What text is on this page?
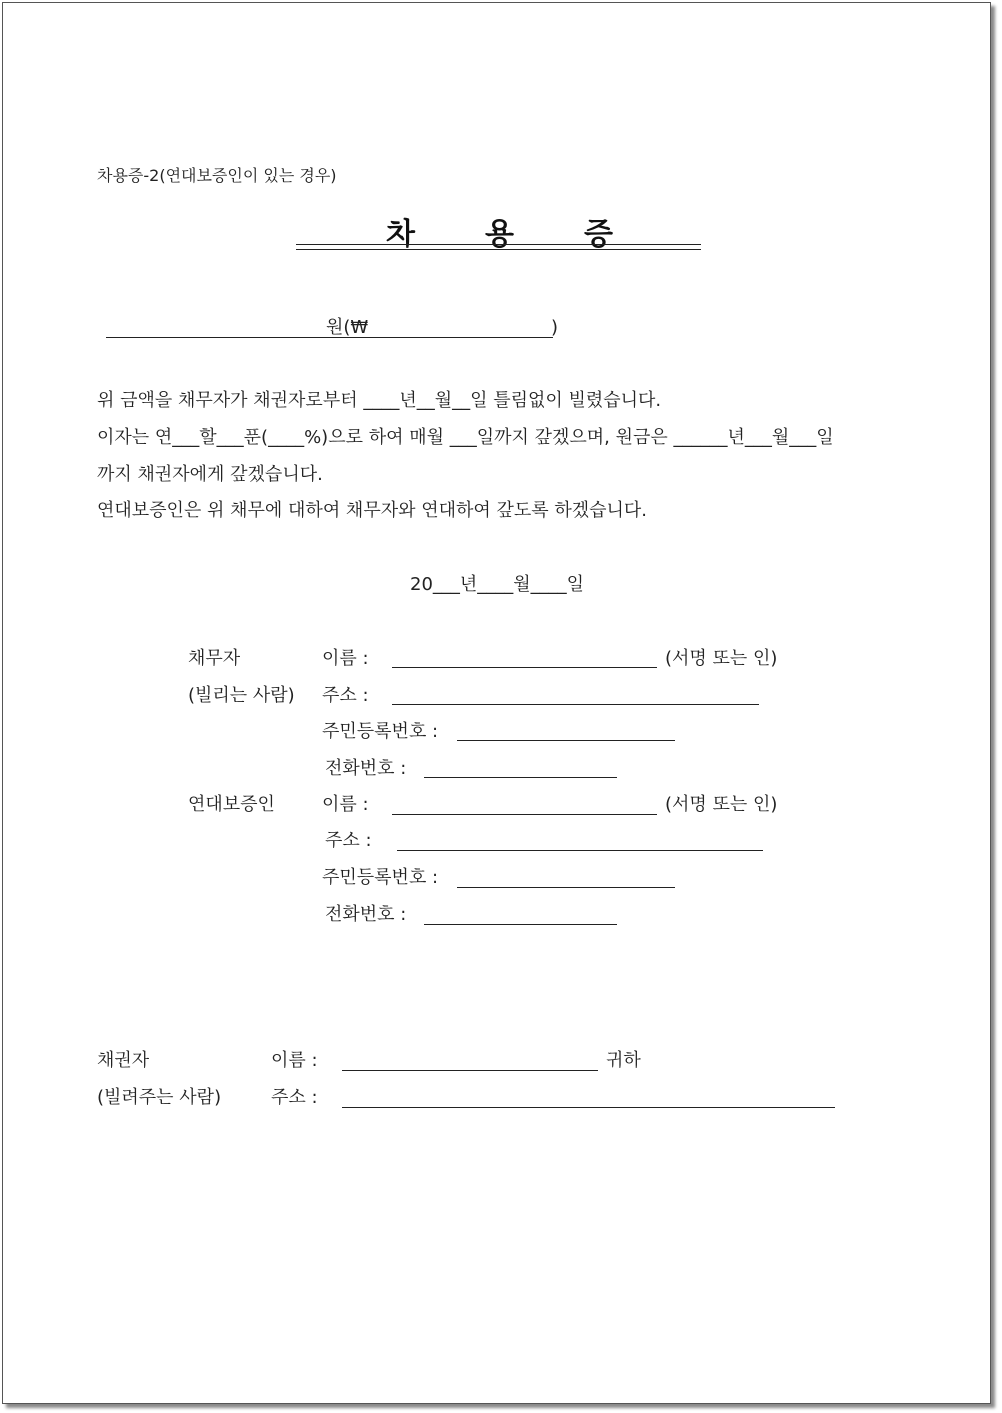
차용증-2(연대보증인이 있는 경우)
차 용 증
원(₩	)
위 금액을 채무자가 채권자로부터 ____년__월__일 틀림없이 빌렸습니다.
이자는 연___할___푼(____%)으로 하여 매월 ___일까지 갚겠으며, 원금은 ______년___월___일
까지 채권자에게 갚겠습니다.
연대보증인은 위 채무에 대하여 채무자와 연대하여 갚도록 하겠습니다.
20___년____월____일
채무자
(빌리는 사람)
이름 :	(서명 또는 인)
주소 :
주민등록번호 :
전화번호 :
연대보증인	이름 :	(서명 또는 인)
주소 :
주민등록번호 :
전화번호 :
채권자
(빌려주는 사람)
이름 :	귀하
주소 :
